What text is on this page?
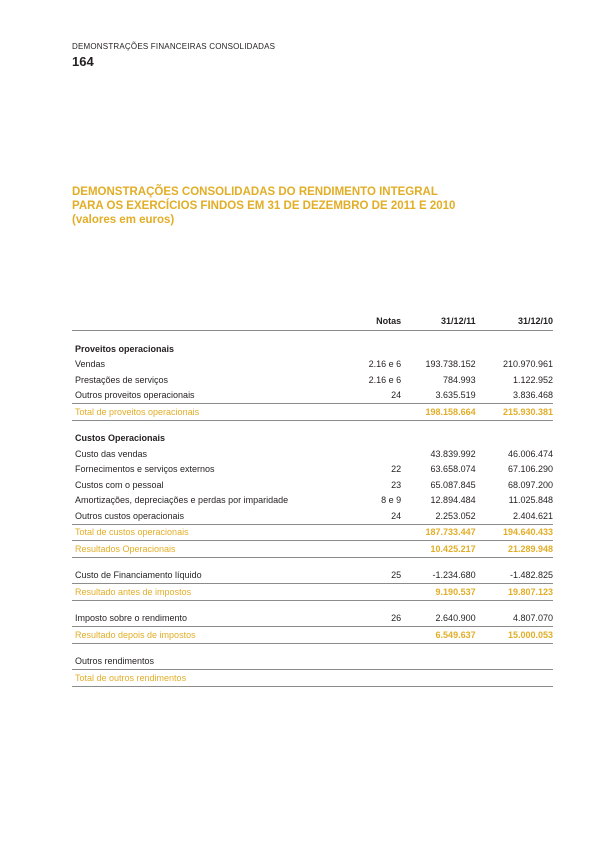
DEMONSTRAÇÕES FINANCEIRAS CONSOLIDADAS
164
DEMONSTRAÇÕES CONSOLIDADAS DO RENDIMENTO INTEGRAL
PARA OS EXERCÍCIOS FINDOS EM 31 DE DEZEMBRO DE 2011 E 2010
(valores em euros)
	Notas	31/12/11	31/12/10

Proveitos operacionais			
Vendas	2.16 e 6	193.738.152	210.970.961
Prestações de serviços	2.16 e 6	784.993	1.122.952
Outros proveitos operacionais	24	3.635.519	3.836.468
Total de proveitos operacionais		198.158.664	215.930.381

Custos Operacionais			
Custo das vendas		43.839.992	46.006.474
Fornecimentos e serviços externos	22	63.658.074	67.106.290
Custos com o pessoal	23	65.087.845	68.097.200
Amortizações, depreciações e perdas por imparidade	8 e 9	12.894.484	11.025.848
Outros custos operacionais	24	2.253.052	2.404.621
Total de custos operacionais		187.733.447	194.640.433
Resultados Operacionais		10.425.217	21.289.948

Custo de Financiamento líquido	25	-1.234.680	-1.482.825
Resultado antes de impostos		9.190.537	19.807.123

Imposto sobre o rendimento	26	2.640.900	4.807.070
Resultado depois de impostos		6.549.637	15.000.053

Outros rendimentos			
Total de outros rendimentos			
